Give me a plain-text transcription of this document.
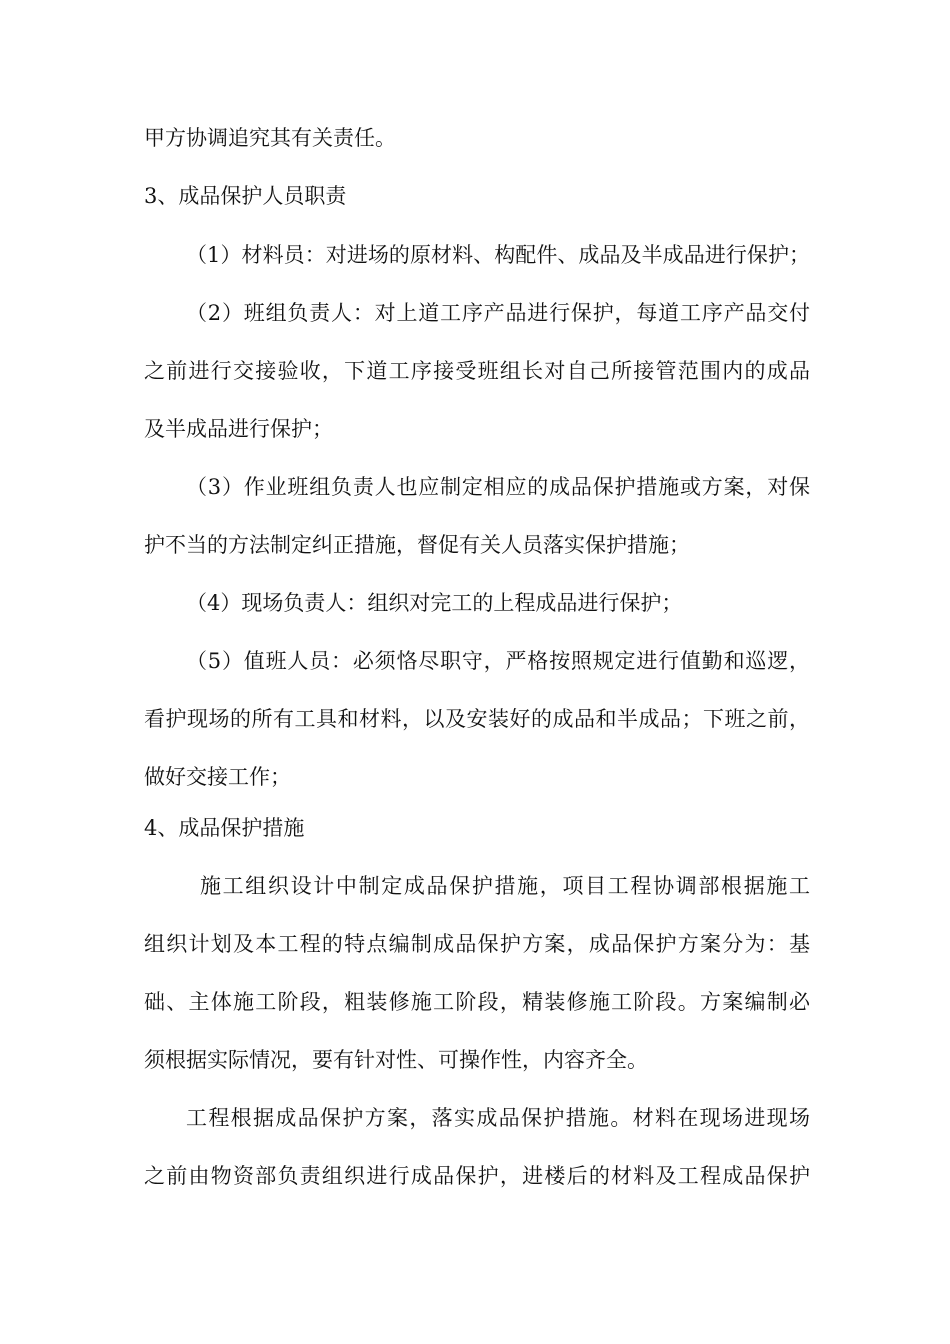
甲方协调追究其有关责任。
3、成品保护人员职责
（1）材料员：对进场的原材料、构配件、成品及半成品进行保护；
（2）班组负责人：对上道工序产品进行保护，每道工序产品交付
之前进行交接验收，下道工序接受班组长对自己所接管范围内的成品
及半成品进行保护；
（3）作业班组负责人也应制定相应的成品保护措施或方案，对保
护不当的方法制定纠正措施，督促有关人员落实保护措施；
（4）现场负责人：组织对完工的上程成品进行保护；
（5）值班人员：必须恪尽职守，严格按照规定进行值勤和巡逻，
看护现场的所有工具和材料，以及安装好的成品和半成品；下班之前，
做好交接工作；
4、成品保护措施
施工组织设计中制定成品保护措施，项目工程协调部根据施工
组织计划及本工程的特点编制成品保护方案，成品保护方案分为：基
础、主体施工阶段，粗装修施工阶段，精装修施工阶段。方案编制必
须根据实际情况，要有针对性、可操作性，内容齐全。
工程根据成品保护方案，落实成品保护措施。材料在现场进现场
之前由物资部负责组织进行成品保护，进楼后的材料及工程成品保护
